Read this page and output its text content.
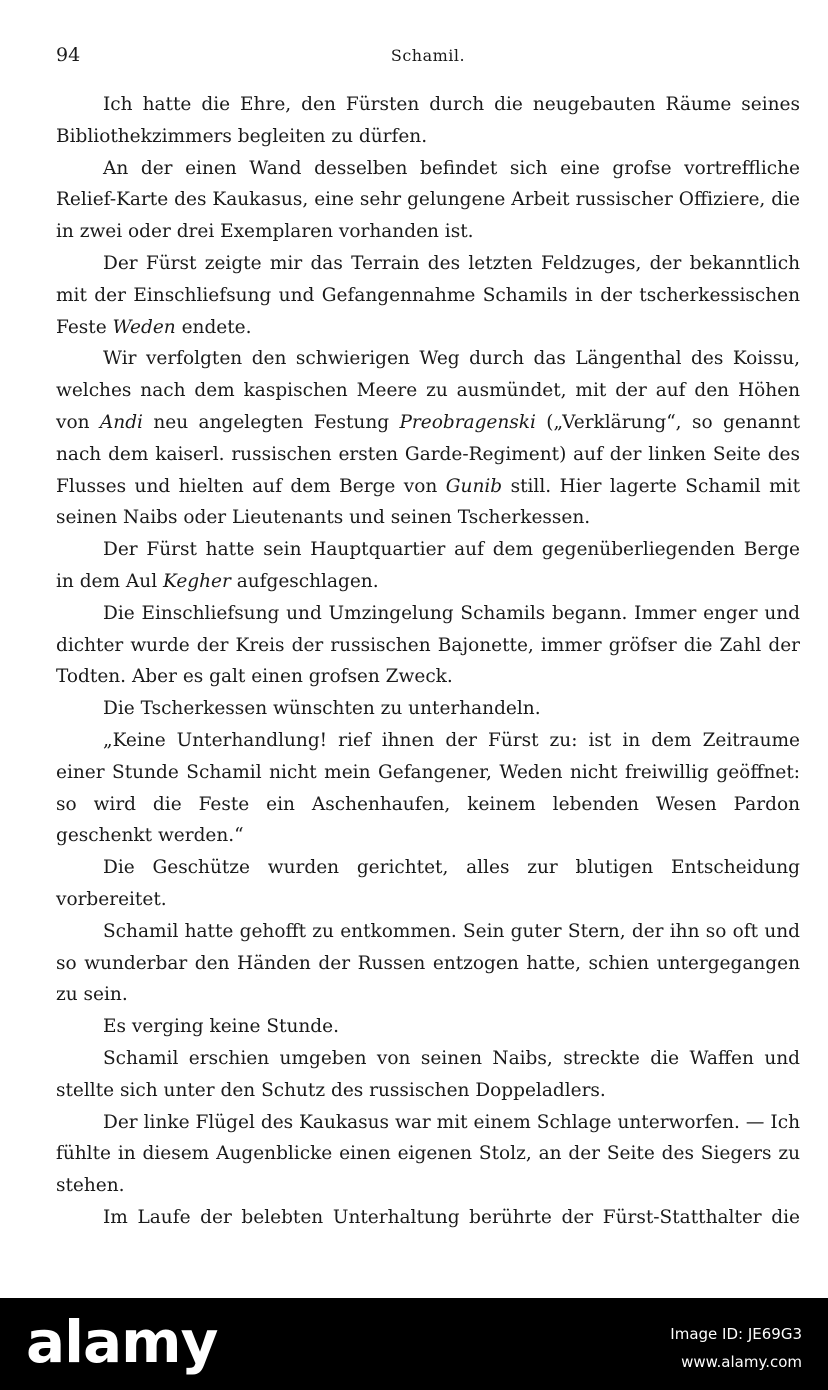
94	Schamil.

Ich hatte die Ehre, den Fürsten durch die neugebauten Räume seines Bibliothekzimmers begleiten zu dürfen.

An der einen Wand desselben befindet sich eine grofse vortreffliche Relief-Karte des Kaukasus, eine sehr gelungene Arbeit russischer Offiziere, die in zwei oder drei Exemplaren vorhanden ist.

Der Fürst zeigte mir das Terrain des letzten Feldzuges, der bekanntlich mit der Einschliefsung und Gefangennahme Schamils in der tscherkessischen Feste Weden endete.

Wir verfolgten den schwierigen Weg durch das Längenthal des Koissu, welches nach dem kaspischen Meere zu ausmündet, mit der auf den Höhen von Andi neu angelegten Festung Preobragenski („Verklärung“, so genannt nach dem kaiserl. russischen ersten Garde-Regiment) auf der linken Seite des Flusses und hielten auf dem Berge von Gunib still. Hier lagerte Schamil mit seinen Naibs oder Lieutenants und seinen Tscherkessen.

Der Fürst hatte sein Hauptquartier auf dem gegenüberliegenden Berge in dem Aul Kegher aufgeschlagen.

Die Einschliefsung und Umzingelung Schamils begann. Immer enger und dichter wurde der Kreis der russischen Bajonette, immer gröfser die Zahl der Todten. Aber es galt einen grofsen Zweck.

Die Tscherkessen wünschten zu unterhandeln.

„Keine Unterhandlung! rief ihnen der Fürst zu: ist in dem Zeitraume einer Stunde Schamil nicht mein Gefangener, Weden nicht freiwillig geöffnet: so wird die Feste ein Aschenhaufen, keinem lebenden Wesen Pardon geschenkt werden.“

Die Geschütze wurden gerichtet, alles zur blutigen Entscheidung vorbereitet.

Schamil hatte gehofft zu entkommen. Sein guter Stern, der ihn so oft und so wunderbar den Händen der Russen entzogen hatte, schien untergegangen zu sein.

Es verging keine Stunde.

Schamil erschien umgeben von seinen Naibs, streckte die Waffen und stellte sich unter den Schutz des russischen Doppeladlers.

Der linke Flügel des Kaukasus war mit einem Schlage unterworfen. — Ich fühlte in diesem Augenblicke einen eigenen Stolz, an der Seite des Siegers zu stehen.

Im Laufe der belebten Unterhaltung berührte der Fürst-Statthalter die

alamy	Image ID: JE69G3
www.alamy.com
